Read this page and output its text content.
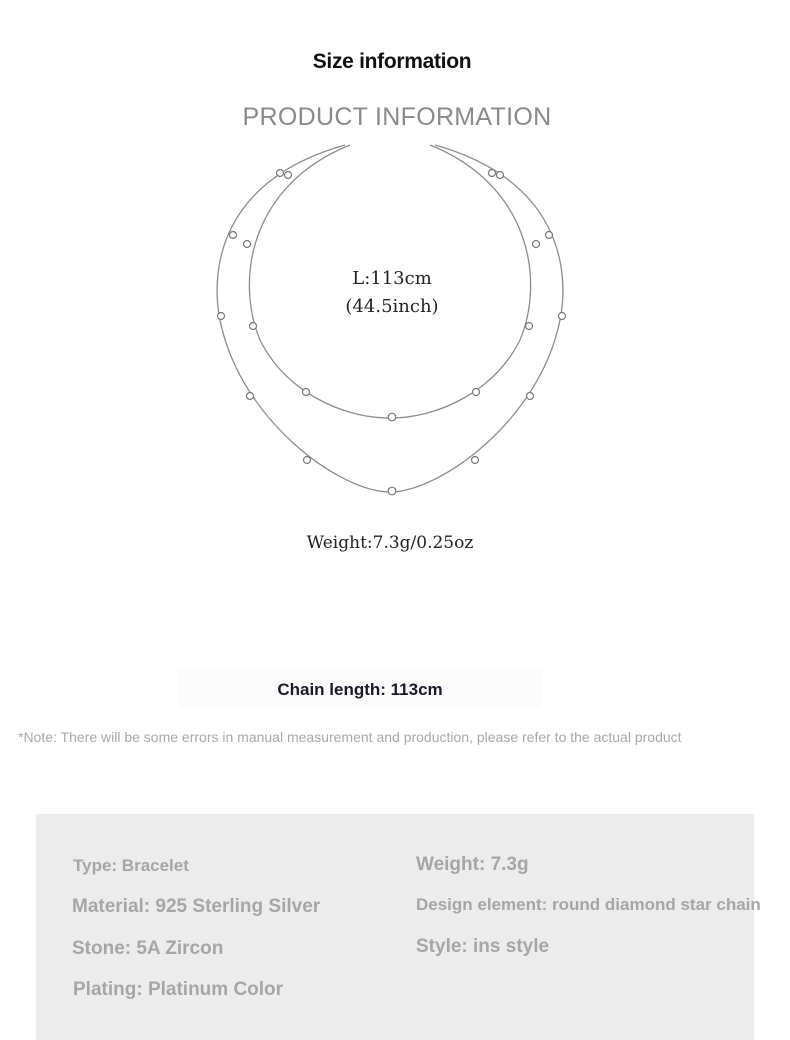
Size information
PRODUCT INFORMATION
L:113cm
(44.5inch)
Weight:7.3g/0.25oz
Chain length: 113cm
*Note: There will be some errors in manual measurement and production, please refer to the actual product
Type: Bracelet
Material: 925 Sterling Silver
Stone: 5A Zircon
Plating: Platinum Color
Weight: 7.3g
Design element: round diamond star chain
Style: ins style
